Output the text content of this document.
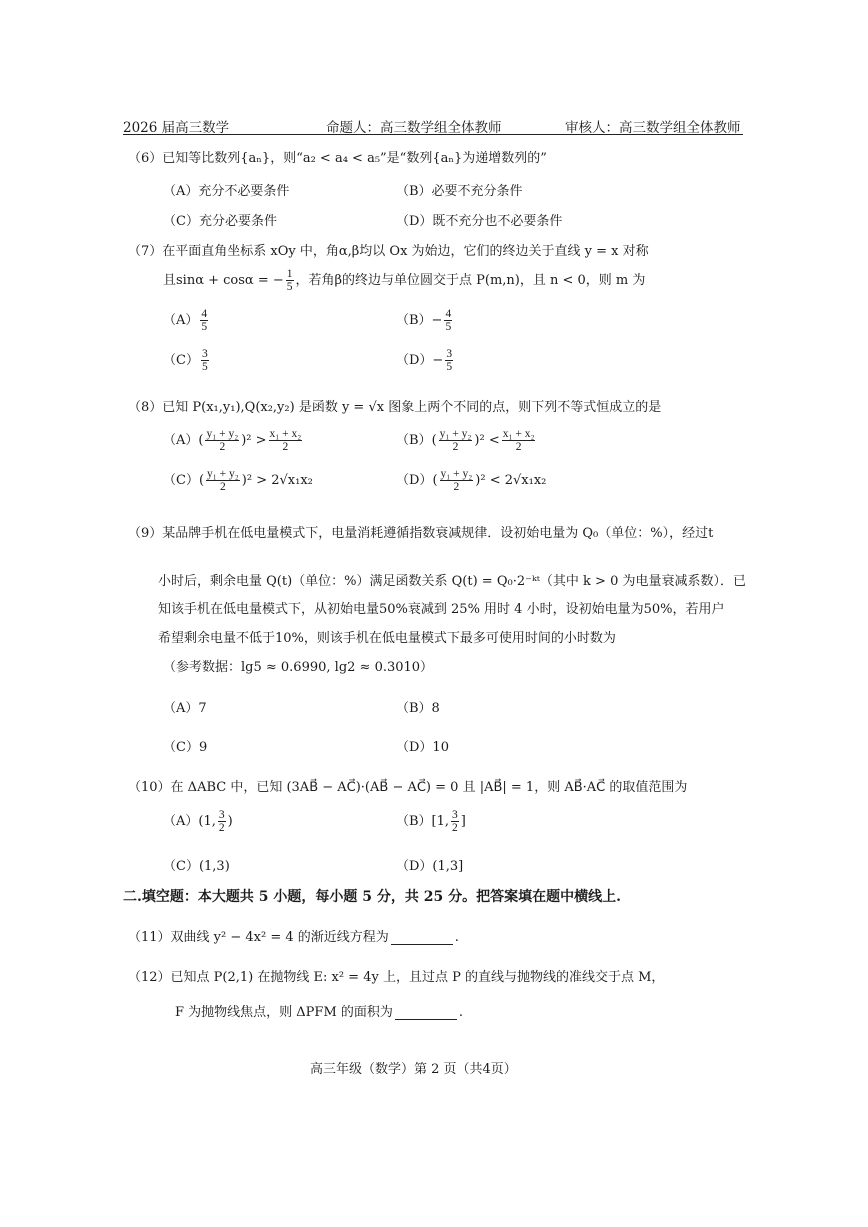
2026 届高三数学	命题人：高三数学组全体教师	审核人：高三数学组全体教师
（6）已知等比数列{aₙ}，则“a₂ < a₄ < a₅”是“数列{aₙ}为递增数列的”
（A）充分不必要条件	（B）必要不充分条件
（C）充分必要条件	（D）既不充分也不必要条件
（7）在平面直角坐标系 xOy 中，角α,β均以 Ox 为始边，它们的终边关于直线 y = x 对称
且sinα + cosα = − $\frac{1}{5}$ ，若角β的终边与单位圆交于点 P(m,n)，且 n < 0，则 m 为
$(A) \frac{4}{5}$	$(B)- \frac{4}{5}$
$(C) \frac{3}{5}$	$(D)- \frac{3}{5}$
（8）已知 P(x₁,y₁),Q(x₂,y₂) 是函数 y = √x 图象上两个不同的点，则下列不等式恒成立的是
$(A)( \frac{\text{y₁ + y₂}}{2} )^2 > \frac{\text{x₁ + x₂}}{2}$	$(B)( \frac{\text{y₁ + y₂}}{2} )^2 < \frac{\text{x₁ + x₂}}{2}$
$(C)( \frac{\text{y₁ + y₂}}{2} )^2 > 2√x_1x_2$	$(D)( \frac{\text{y₁ + y₂}}{2} )^2 < 2√x_1x_2$
（9）某品牌手机在低电量模式下，电量消耗遵循指数衰减规律．设初始电量为 Q₀（单位：%），经过t
小时后，剩余电量 Q(t)（单位：%）满足函数关系 Q(t) = Q₀·2⁻ᵏᵗ（其中 k > 0 为电量衰减系数）．已
知该手机在低电量模式下，从初始电量50%衰减到 25% 用时 4 小时，设初始电量为50%，若用户
希望剩余电量不低于10%，则该手机在低电量模式下最多可使用时间的小时数为
（参考数据：lg5 ≈ 0.6990, lg2 ≈ 0.3010）
（A）7	（B）8
（C）9	（D）10
（10）在 ΔABC 中，已知 (3AB⃗ − AC⃗)·(AB⃗ − AC⃗) = 0 且 |AB⃗| = 1，则 AB⃗·AC⃗ 的取值范围为
（A）(1, $\frac{3}{2}$ )	（B）[1, $\frac{3}{2}$ ]
（C）(1,3)	（D）(1,3]
二.填空题：本大题共 5 小题，每小题 5 分，共 25 分。把答案填在题中横线上.
（11）双曲线 y² − 4x² = 4 的渐近线方程为	.
（12）已知点 P(2,1) 在抛物线 E: x² = 4y 上，且过点 P 的直线与抛物线的准线交于点 M，
F 为抛物线焦点，则 ΔPFM 的面积为	.
高三年级（数学）第 2 页（共4页）
